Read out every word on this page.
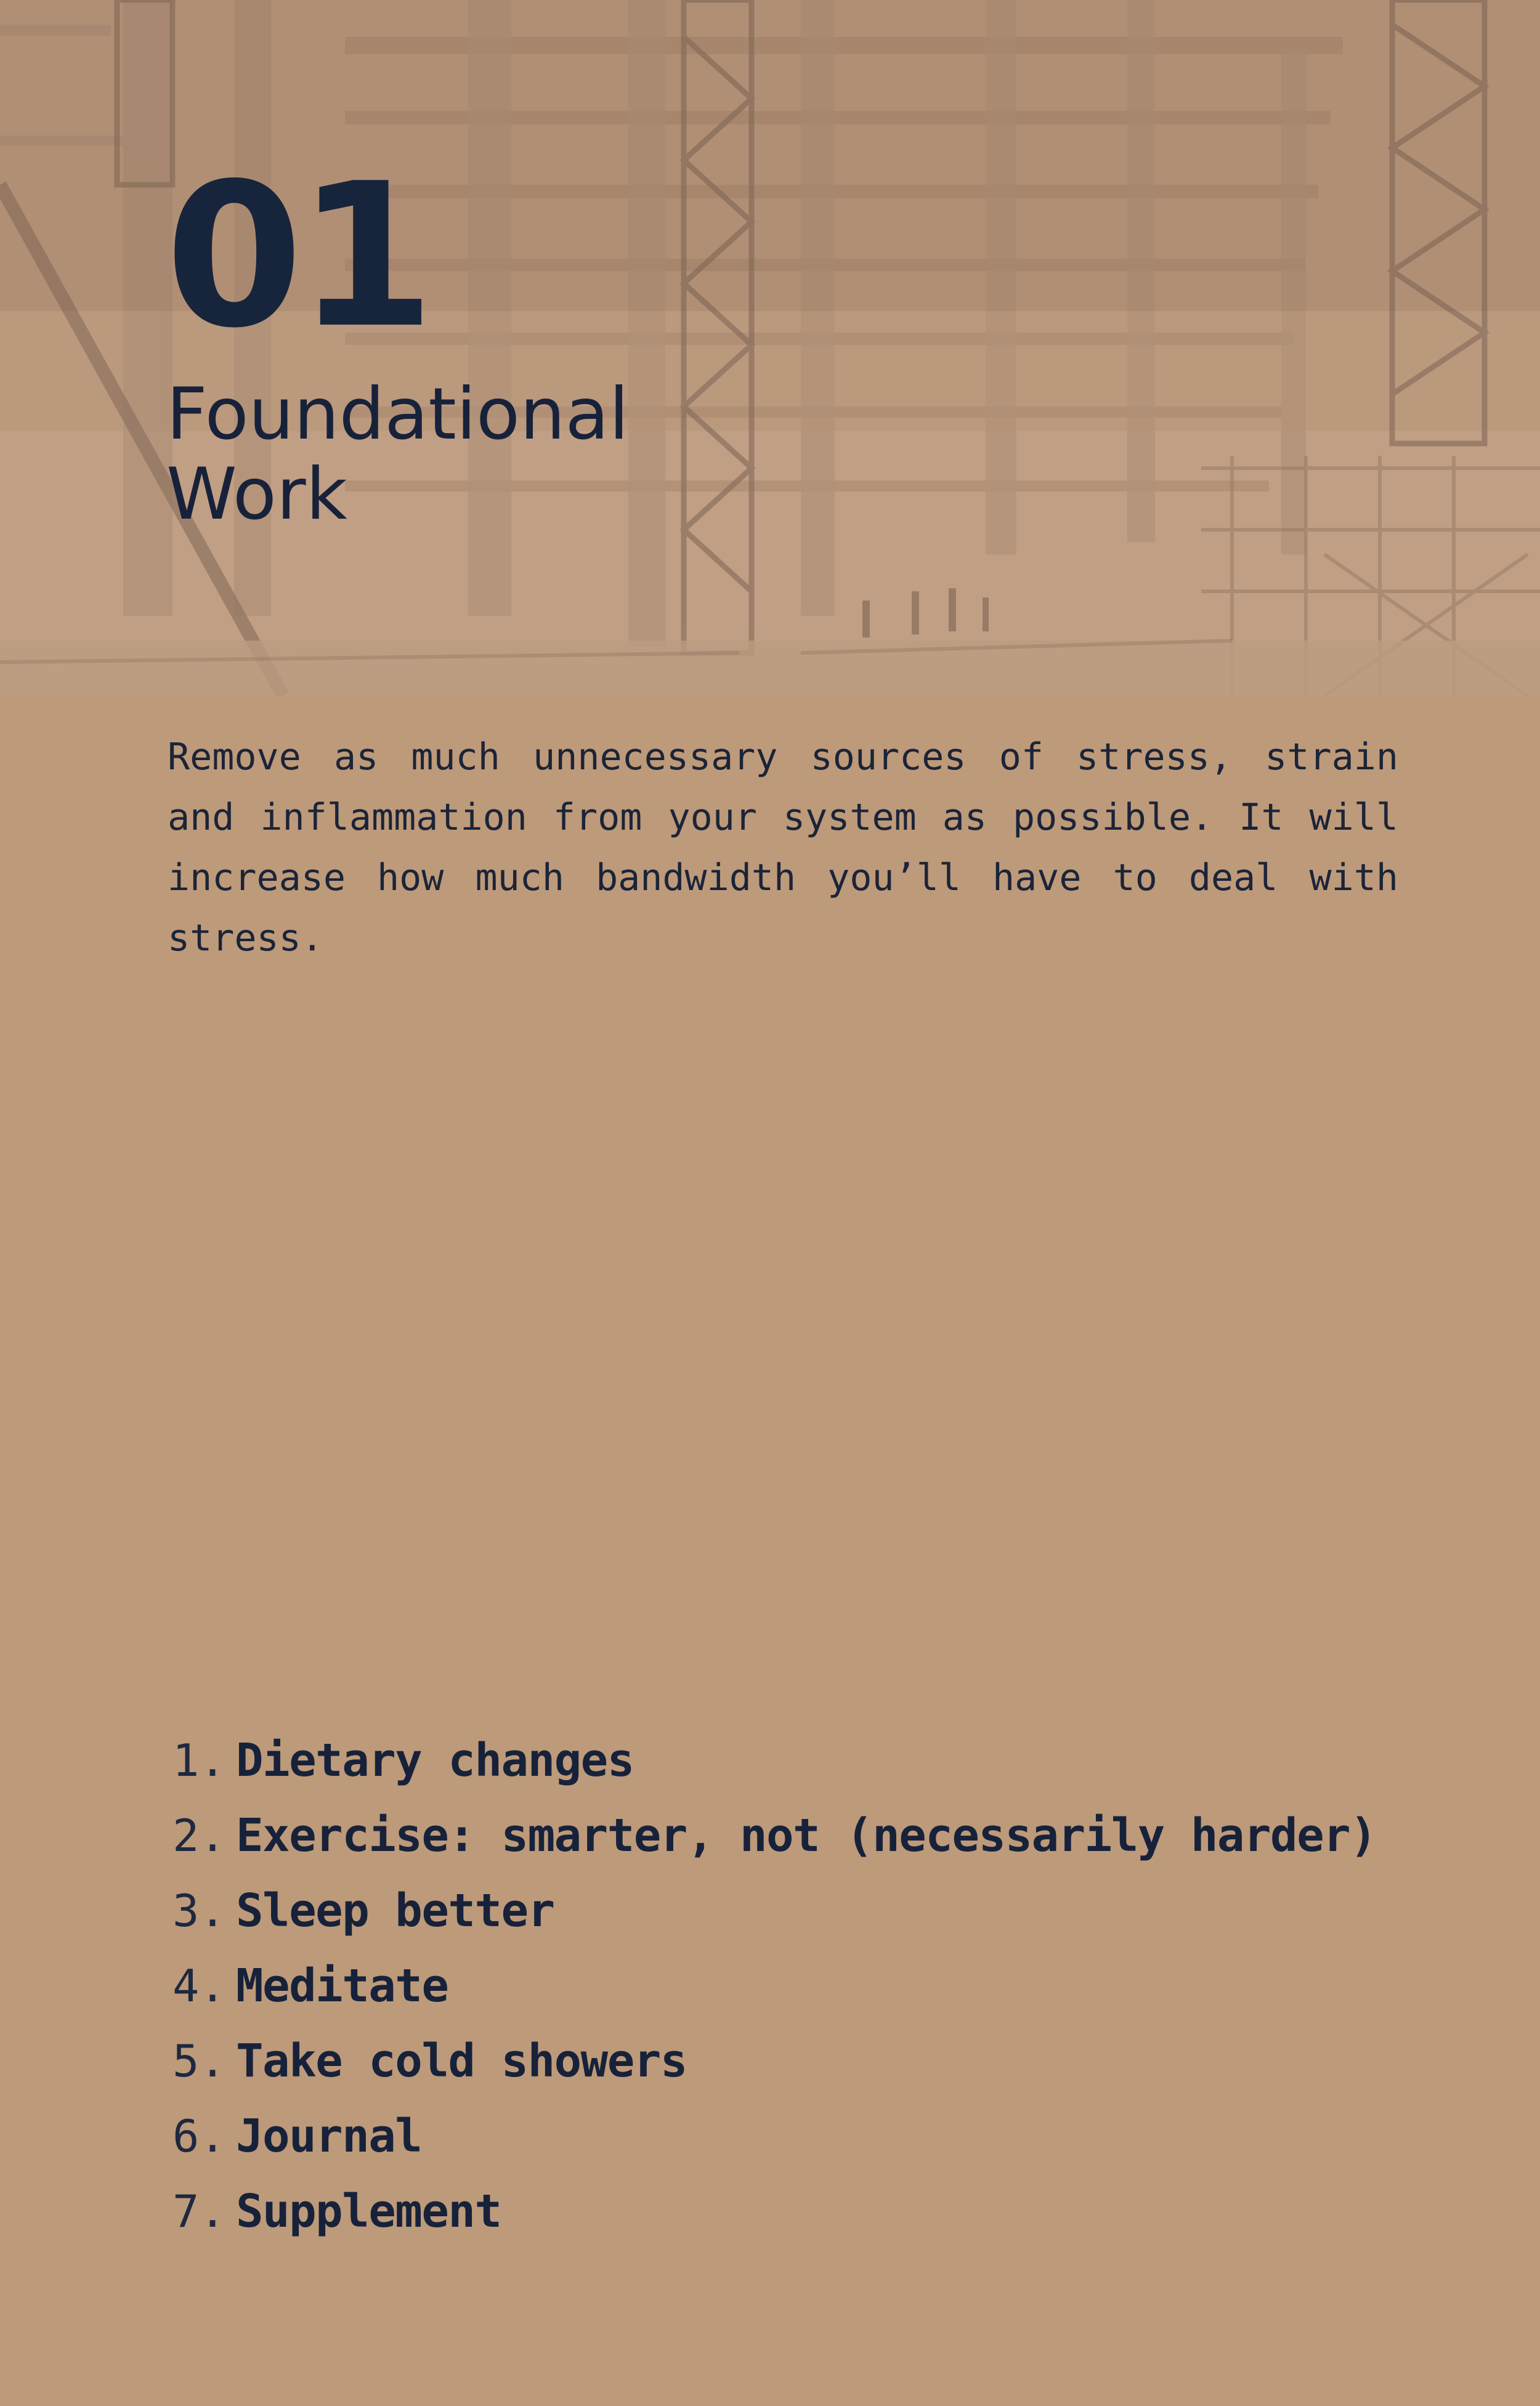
01
Foundational
Work

Remove as much unnecessary sources of stress, strain and inflammation from your system as possible. It will increase how much bandwidth you’ll have to deal with stress.

1. Dietary changes
2. Exercise: smarter, not (necessarily harder)
3. Sleep better
4. Meditate
5. Take cold showers
6. Journal
7. Supplement
